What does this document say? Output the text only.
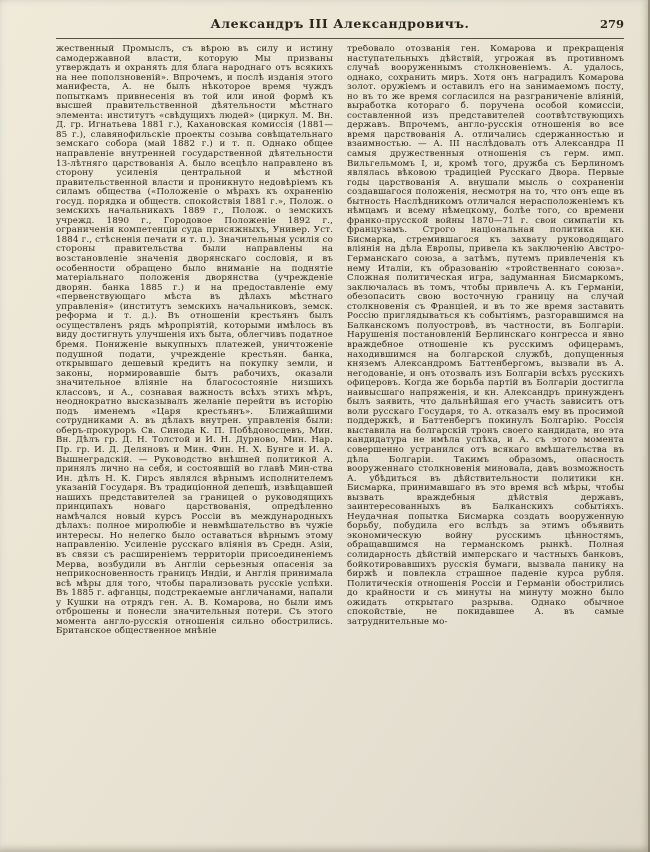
Александръ III Александровичъ.	279
жественный Промыслъ, съ вѣрою въ силу и истину самодержавной власти, которую Мы призваны утверждать и охранять для блага народнаго отъ всякихъ на нее поползновеній». Впрочемъ, и послѣ изданія этого манифеста, А. не былъ нѣкоторое время чуждъ попыткамъ привнесенія въ той или иной формѣ къ высшей правительственной дѣятельности мѣстнаго элемента: институтъ «свѣдущихъ людей» (циркул. М. Вн. Д. гр. Игнатьева 1881 г.), Кахановская комиссія (1881—85 г.), славянофильскіе проекты созыва совѣщательнаго земскаго собора (май 1882 г.) и т. п. Однако общее направленіе внутренней государственной дѣятельности 13-лѣтняго царствованія А. было всецѣло направлено въ сторону усиленія центральной и мѣстной правительственной власти и проникнуто недовѣріемъ къ силамъ общества («Положеніе о мѣрахъ къ охраненію госуд. порядка и обществ. спокойствія 1881 г.», Полож. о земскихъ начальникахъ 1889 г., Полож. о земскихъ учрежд. 1890 г., Городовое Положеніе 1892 г., ограниченія компетенціи суда присяжныхъ, Универ. Уст. 1884 г., стѣсненія печати и т. п.). Значительныя усилія со стороны правительства были направлены на возстановленіе значенія дворянскаго сословія, и въ особенности обращено было вниманіе на поднятіе матеріальнаго положенія дворянства (учрежденіе дворян. банка 1885 г.) и на предоставленіе ему «первенствующаго мѣста въ дѣлахъ мѣстнаго управленія» (институтъ земскихъ начальниковъ, земск. реформа и т. д.). Въ отношеніи крестьянъ былъ осуществленъ рядъ мѣропріятій, которыми имѣлось въ виду достигнуть улучшенія ихъ быта, облегчивъ податное бремя. Пониженіе выкупныхъ платежей, уничтоженіе подушной подати, учрежденіе крестьян. банка, открывшаго дешевый кредитъ на покупку земли, и законы, нормировавшіе бытъ рабочихъ, оказали значительное вліяніе на благосостояніе низшихъ классовъ, и А., сознавая важность всѣхъ этихъ мѣръ, неоднократно высказывалъ желаніе перейти въ исторію подъ именемъ «Царя крестьянъ». Ближайшими сотрудниками А. въ дѣлахъ внутрен. управленія были: оберъ-прокуроръ Св. Синода К. П. Побѣдоносцевъ, Мин. Вн. Дѣлъ гр. Д. Н. Толстой и И. Н. Дурново, Мин. Нар. Пр. гр. И. Д. Деляновъ и Мин. Фин. Н. Х. Бунге и И. А. Вышнеградскій. — Руководство внѣшней политикой А. принялъ лично на себя, и состоявшій во главѣ Мин-ства Ин. дѣлъ Н. К. Гирсъ являлся вѣрнымъ исполнителемъ указаній Государя. Въ традиціонной депешѣ, извѣщавшей нашихъ представителей за границей о руководящихъ принципахъ новаго царствованія, опредѣленно намѣчался новый курсъ Россіи въ международныхъ дѣлахъ: полное миролюбіе и невмѣшательство въ чужіе интересы. Но нелегко было оставаться вѣрнымъ этому направленію. Усиленіе русскаго вліянія въ Средн. Азіи, въ связи съ расширеніемъ территоріи присоединеніемъ Мерва, возбудили въ Англіи серьезныя опасенія за неприкосновенность границъ Индіи, и Англія принимала всѣ мѣры для того, чтобы парализовать русскіе успѣхи. Въ 1885 г. афганцы, подстрекаемые англичанами, напали у Кушки на отрядъ ген. А. В. Комарова, но были имъ отброшены и понесли значительныя потери. Съ этого момента англо-русскія отношенія сильно обострились. Британское общественное мнѣніе
требовало отозванія ген. Комарова и прекращенія наступательныхъ дѣйствій, угрожая въ противномъ случаѣ вооруженнымъ столкновеніемъ. А. удалось, однако, сохранить миръ. Хотя онъ наградилъ Комарова золот. оружіемъ и оставилъ его на занимаемомъ посту, но въ то же время согласился на разграниченіе вліяній, выработка котораго б. поручена особой комиссіи, составленной изъ представителей соотвѣтствующихъ державъ. Впрочемъ, англо-русскія отношенія во все время царствованія А. отличались сдержанностью и взаимностью. — А. III наслѣдовалъ отъ Александра II самыя дружественныя отношенія съ герм. имп. Вильгельмомъ I, и, кромѣ того, дружба съ Берлиномъ являлась вѣковою традиціей Русскаго Двора. Первые годы царствованія А. внушали мысль о сохраненіи создавшагося положенія, несмотря на то, что онъ еще въ бытность Наслѣдникомъ отличался нерасположеніемъ къ нѣмцамъ и всему нѣмецкому, болѣе того, со времени франко-прусской войны 1870—71 г. свои симпатіи къ французамъ. Строго національная политика кн. Бисмарка, стремившагося къ захвату руководящаго вліянія на дѣла Европы, привела къ заключенію Австро-Германскаго союза, а затѣмъ, путемъ привлеченія къ нему Италіи, къ образованію «тройственнаго союза». Сложная политическая игра, задуманная Бисмаркомъ, заключалась въ томъ, чтобы привлечь А. къ Германіи, обезопасить свою восточную границу на случай столкновенія съ Франціей, и въ то же время заставить Россію приглядываться къ событіямъ, разгоравшимся на Балканскомъ полуостровѣ, въ частности, въ Болгаріи. Нарушенія постановленій Берлинскаго конгресса и явно враждебное отношеніе къ русскимъ офицерамъ, находившимся на болгарской службѣ, допущенныя княземъ Александромъ Баттенбергомъ, вызвали въ А. негодованіе, и онъ отозвалъ изъ Болгаріи всѣхъ русскихъ офицеровъ. Когда же борьба партій въ Болгаріи достигла наивысшаго напряженія, и кн. Александръ принужденъ былъ заявить, что дальнѣйшая его участь зависитъ отъ воли русскаго Государя, то А. отказалъ ему въ просимой поддержкѣ, и Баттенбергъ покинулъ Болгарію. Россія выставила на болгарскій тронъ своего кандидата, но эта кандидатура не имѣла успѣха, и А. съ этого момента совершенно устранился отъ всякаго вмѣшательства въ дѣла Болгаріи. Такимъ образомъ, опасность вооруженнаго столкновенія миновала, давъ возможность А. убѣдиться въ дѣйствительности политики кн. Бисмарка, принимавшаго въ это время всѣ мѣры, чтобы вызвать враждебныя дѣйствія державъ, заинтересованныхъ въ Балканскихъ событіяхъ. Неудачная попытка Бисмарка создать вооруженную борьбу, побудила его вслѣдъ за этимъ объявить экономическую войну русскимъ цѣнностямъ, обращавшимся на германскомъ рынкѣ. Полная солидарность дѣйствій имперскаго и частныхъ банковъ, бойкотировавшихъ русскія бумаги, вызвала панику на биржѣ и повлекла страшное паденіе курса рубля. Политическія отношенія Россіи и Германіи обострились до крайности и съ минуты на минуту можно было ожидать открытаго разрыва. Однако обычное спокойствіе, не покидавшее А. въ самые затруднительные мо-
